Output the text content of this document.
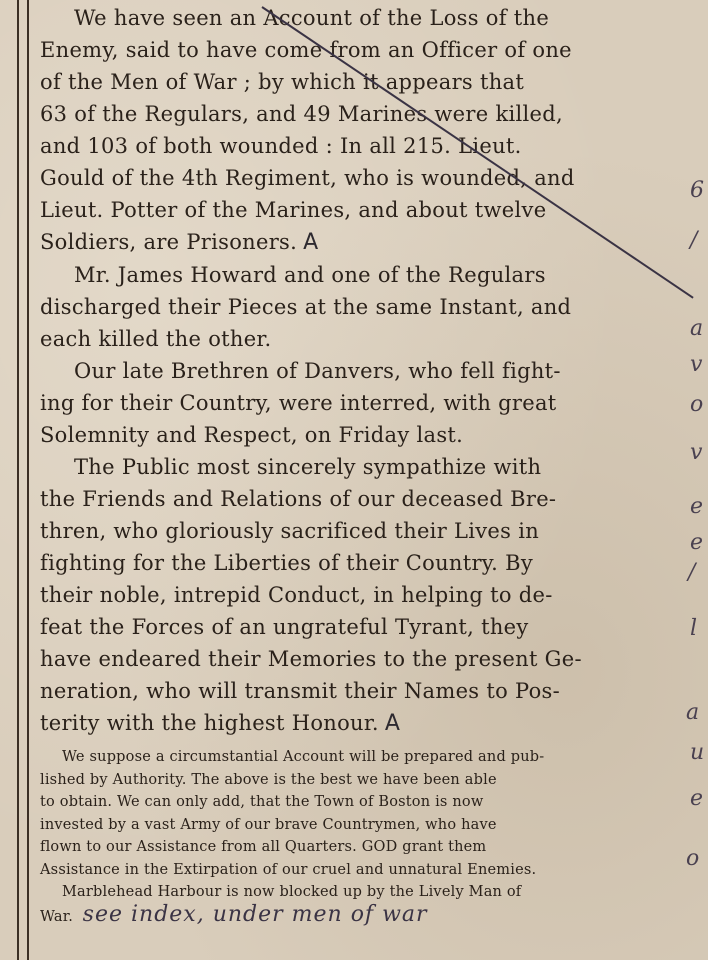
We have seen an Account of the Loss of the
Enemy, said to have come from an Officer of one
of the Men of War ; by which it appears that
63 of the Regulars, and 49 Marines were killed,
and 103 of both wounded : In all 215. Lieut.
Gould of the 4th Regiment, who is wounded, and
Lieut. Potter of the Marines, and about twelve
Soldiers, are Prisoners. A

Mr. James Howard and one of the Regulars
discharged their Pieces at the same Instant, and
each killed the other.

Our late Brethren of Danvers, who fell fight-
ing for their Country, were interred, with great
Solemnity and Respect, on Friday last.

The Public most sincerely sympathize with
the Friends and Relations of our deceased Bre-
thren, who gloriously sacrificed their Lives in
fighting for the Liberties of their Country. By
their noble, intrepid Conduct, in helping to de-
feat the Forces of an ungrateful Tyrant, they
have endeared their Memories to the present Ge-
neration, who will transmit their Names to Pos-
terity with the highest Honour. A

We suppose a circumstantial Account will be prepared and pub-
lished by Authority. The above is the best we have been able
to obtain. We can only add, that the Town of Boston is now
invested by a vast Army of our brave Countrymen, who have
flown to our Assistance from all Quarters. GOD grant them
Assistance in the Extirpation of our cruel and unnatural Enemies.

Marblehead Harbour is now blocked up by the Lively Man of
War. see index, under men of war

6
/
a
v
o
v
e
e
/
l
a
u
e
o
